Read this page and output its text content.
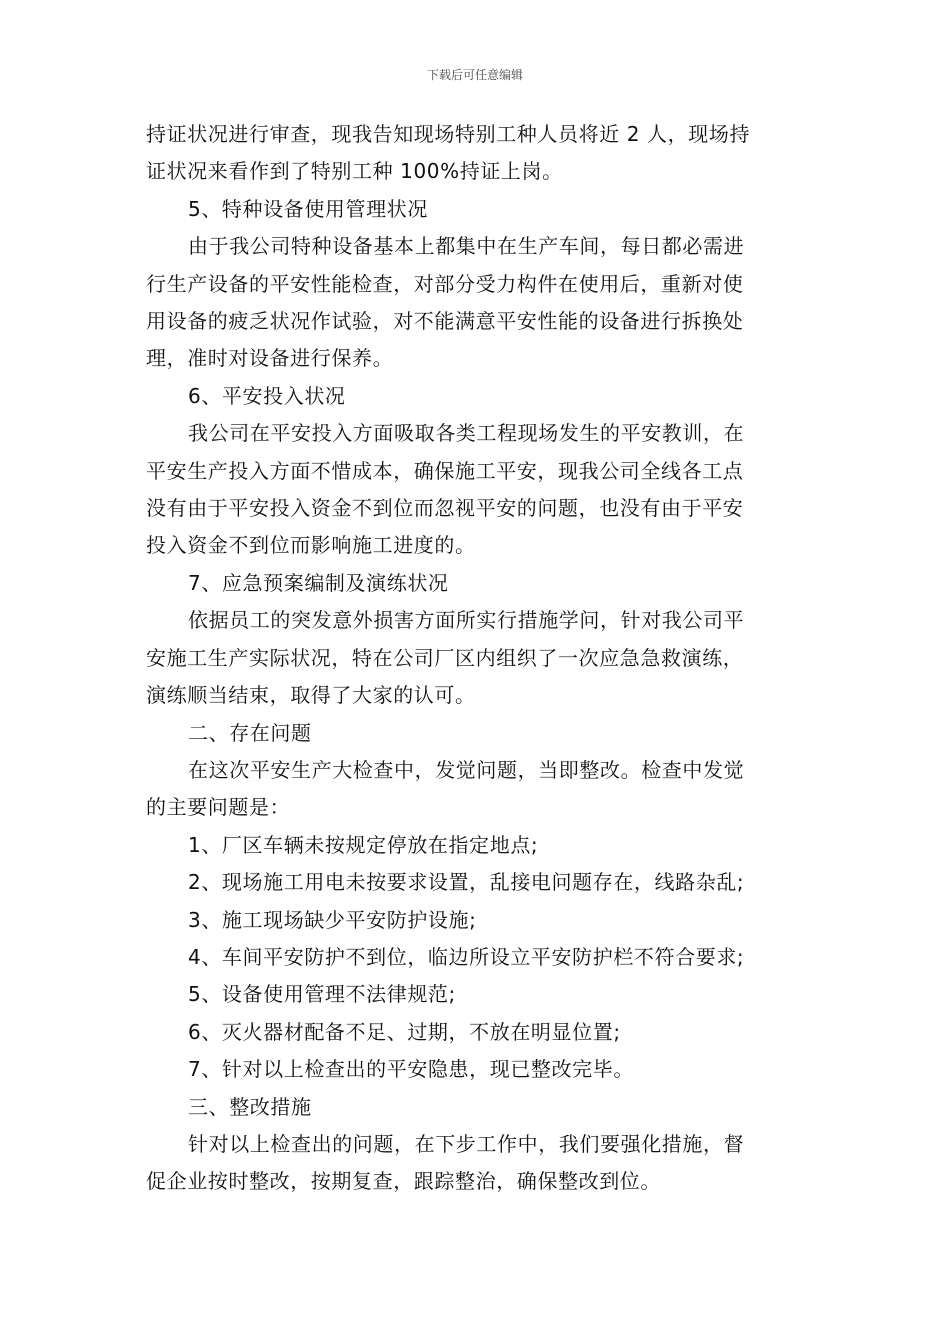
下载后可任意编辑
持证状况进行审查，现我告知现场特别工种人员将近 2 人，现场持
证状况来看作到了特别工种 100%持证上岗。
5、特种设备使用管理状况
由于我公司特种设备基本上都集中在生产车间，每日都必需进
行生产设备的平安性能检查，对部分受力构件在使用后，重新对使
用设备的疲乏状况作试验，对不能满意平安性能的设备进行拆换处
理，准时对设备进行保养。
6、平安投入状况
我公司在平安投入方面吸取各类工程现场发生的平安教训，在
平安生产投入方面不惜成本，确保施工平安，现我公司全线各工点
没有由于平安投入资金不到位而忽视平安的问题，也没有由于平安
投入资金不到位而影响施工进度的。
7、应急预案编制及演练状况
依据员工的突发意外损害方面所实行措施学问，针对我公司平
安施工生产实际状况，特在公司厂区内组织了一次应急急救演练，
演练顺当结束，取得了大家的认可。
二、存在问题
在这次平安生产大检查中，发觉问题，当即整改。检查中发觉
的主要问题是：
1、厂区车辆未按规定停放在指定地点;
2、现场施工用电未按要求设置，乱接电问题存在，线路杂乱;
3、施工现场缺少平安防护设施;
4、车间平安防护不到位，临边所设立平安防护栏不符合要求;
5、设备使用管理不法律规范;
6、灭火器材配备不足、过期，不放在明显位置;
7、针对以上检查出的平安隐患，现已整改完毕。
三、整改措施
针对以上检查出的问题，在下步工作中，我们要强化措施，督
促企业按时整改，按期复查，跟踪整治，确保整改到位。
